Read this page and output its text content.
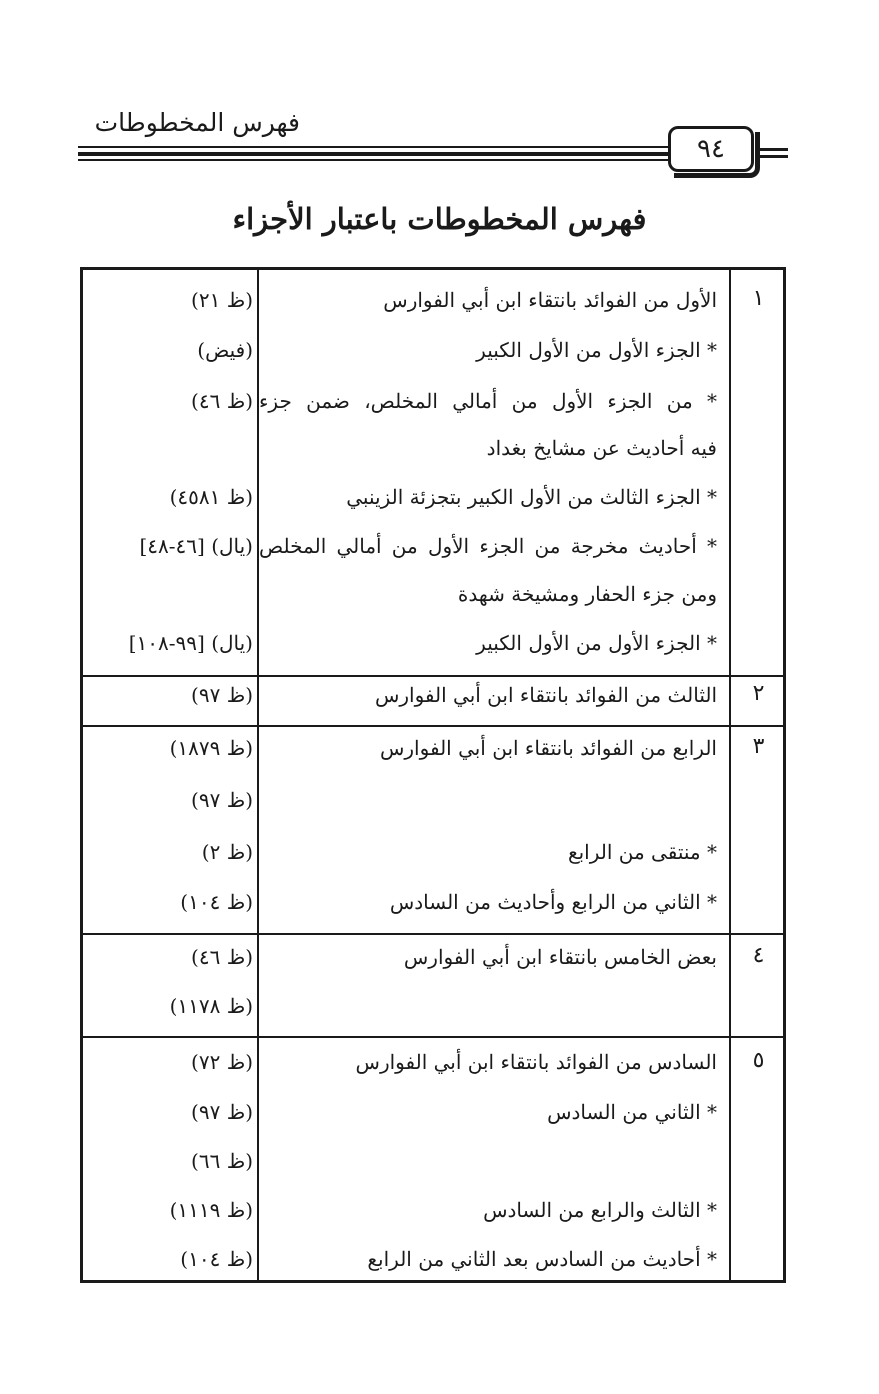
فهرس المخطوطات
٩٤
فهرس المخطوطات باعتبار الأجزاء
١
الأول من الفوائد بانتقاء ابن أبي الفوارس
(ظ ٢١)
* الجزء الأول من الأول الكبير
(فيض)
* من الجزء الأول من أمالي المخلص، ضمن جزء
(ظ ٤٦)
فيه أحاديث عن مشايخ بغداد
* الجزء الثالث من الأول الكبير بتجزئة الزينبي
(ظ ٤٥٨١)
* أحاديث مخرجة من الجزء الأول من أمالي المخلص
(يال) [٤٦-٤٨]
ومن جزء الحفار ومشيخة شهدة
* الجزء الأول من الأول الكبير
(يال) [٩٩-١٠٨]
٢
الثالث من الفوائد بانتقاء ابن أبي الفوارس
(ظ ٩٧)
٣
الرابع من الفوائد بانتقاء ابن أبي الفوارس
(ظ ١٨٧٩)
(ظ ٩٧)
* منتقى من الرابع
(ظ ٢)
* الثاني من الرابع وأحاديث من السادس
(ظ ١٠٤)
٤
بعض الخامس بانتقاء ابن أبي الفوارس
(ظ ٤٦)
(ظ ١١٧٨)
٥
السادس من الفوائد بانتقاء ابن أبي الفوارس
(ظ ٧٢)
* الثاني من السادس
(ظ ٩٧)
(ظ ٦٦)
* الثالث والرابع من السادس
(ظ ١١١٩)
* أحاديث من السادس بعد الثاني من الرابع
(ظ ١٠٤)
